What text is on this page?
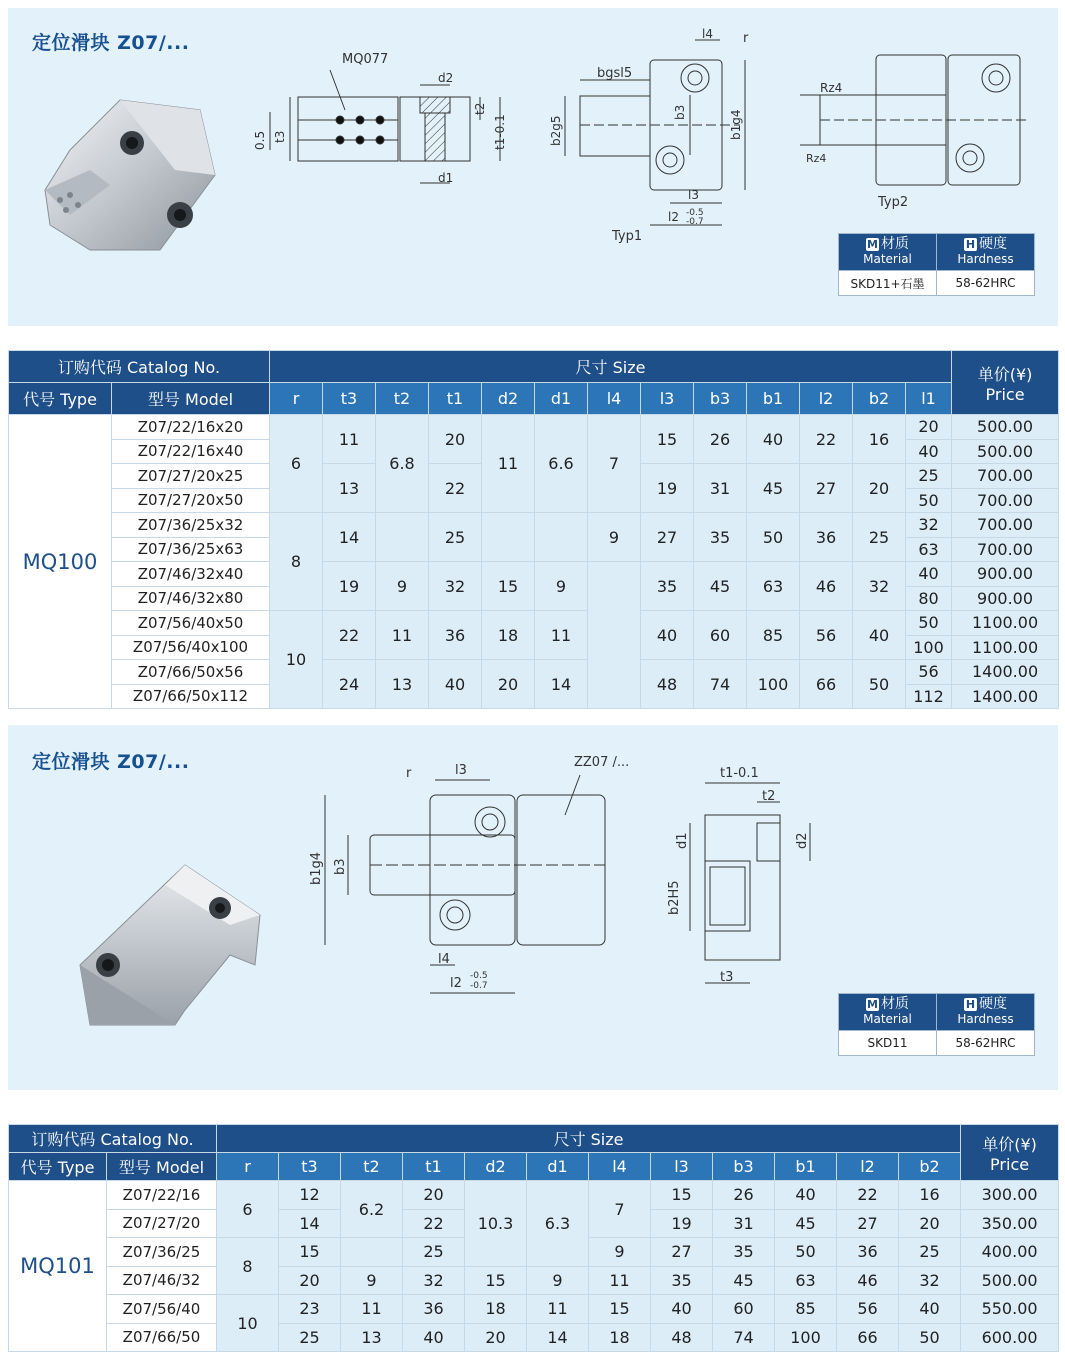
定位滑块 Z07/...
MQ077
d2
d1
t2
t1-0.1
t3
0.5
l4 r
bgsl5
b2g5
b3	b1g4
l3
l2 -0.5
-0.7
Typ1
Rz4
Rz4
Typ2
M 材质
Material	H 硬度
Hardness
SKD11+石墨	58-62HRC
订购代码 Catalog No.		尺寸 Size													单价(¥)
Price
代号 Type	型号 Model	r	t3	t2	t1	d2	d1	l4	l3	b3	b1	l2	b2	l1	
MQ100	Z07/22/16x20	6	11	6.8	20	11	6.6	7	15	26	40	22	16	20	500.00
	Z07/22/16x40													40	500.00
	Z07/27/20x25		13		22				19	31	45	27	20	25	700.00
	Z07/27/20x50													50	700.00
	Z07/36/25x32	8	14		25			9	27	35	50	36	25	32	700.00
	Z07/36/25x63													63	700.00
	Z07/46/32x40		19	9	32	15	9		35	45	63	46	32	40	900.00
	Z07/46/32x80													80	900.00
	Z07/56/40x50	10	22	11	36	18	11		40	60	85	56	40	50	1100.00
	Z07/56/40x100													100	1100.00
	Z07/66/50x56		24	13	40	20	14		48	74	100	66	50	56	1400.00
	Z07/66/50x112													112	1400.00
定位滑块 Z07/...
r	l3
ZZ07 /...
b1g4 b3
l4
l2 -0.5
-0.7
t1-0.1
t2
d1	d2
b2H5
t3
M 材质
Material	H 硬度
Hardness
SKD11	58-62HRC
订购代码 Catalog No.		尺寸 Size												单价(¥)
Price
代号 Type	型号 Model	r	t3	t2	t1	d2	d1	l4	l3	b3	b1	l2	b2	
MQ101	Z07/22/16	6	12	6.2	20	10.3	6.3	7	15	26	40	22	16	300.00
	Z07/27/20		14		22				19	31	45	27	20	350.00
	Z07/36/25	8	15		25			9	27	35	50	36	25	400.00
	Z07/46/32		20	9	32	15	9	11	35	45	63	46	32	500.00
	Z07/56/40	10	23	11	36	18	11	15	40	60	85	56	40	550.00
	Z07/66/50		25	13	40	20	14	18	48	74	100	66	50	600.00
